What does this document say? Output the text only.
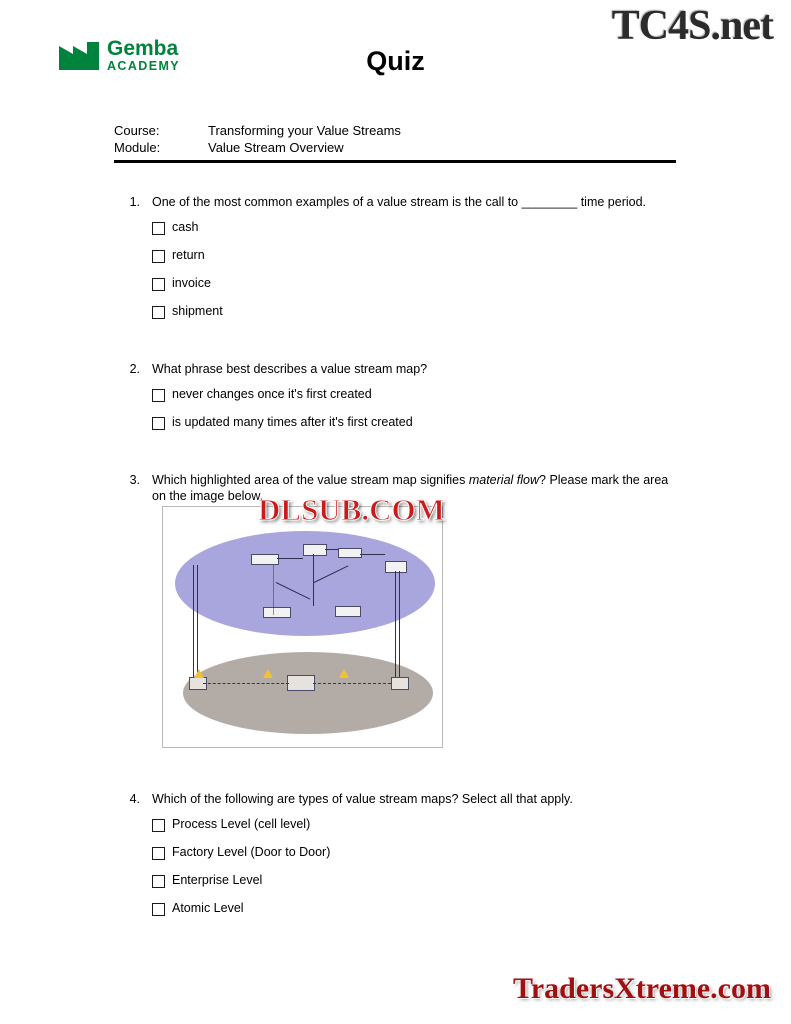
TC4S.net
Gemba
ACADEMY	Quiz
Course:	Transforming your Value Streams
Module:	Value Stream Overview
1. One of the most common examples of a value stream is the call to ________ time period.
cash
return
invoice
shipment
2. What phrase best describes a value stream map?
never changes once it's first created
is updated many times after it's first created
3. Which highlighted area of the value stream map signifies material flow? Please mark the area on the image below.
DLSUB.COM
4. Which of the following are types of value stream maps? Select all that apply.
Process Level (cell level)
Factory Level (Door to Door)
Enterprise Level
Atomic Level
TradersXtreme.com
